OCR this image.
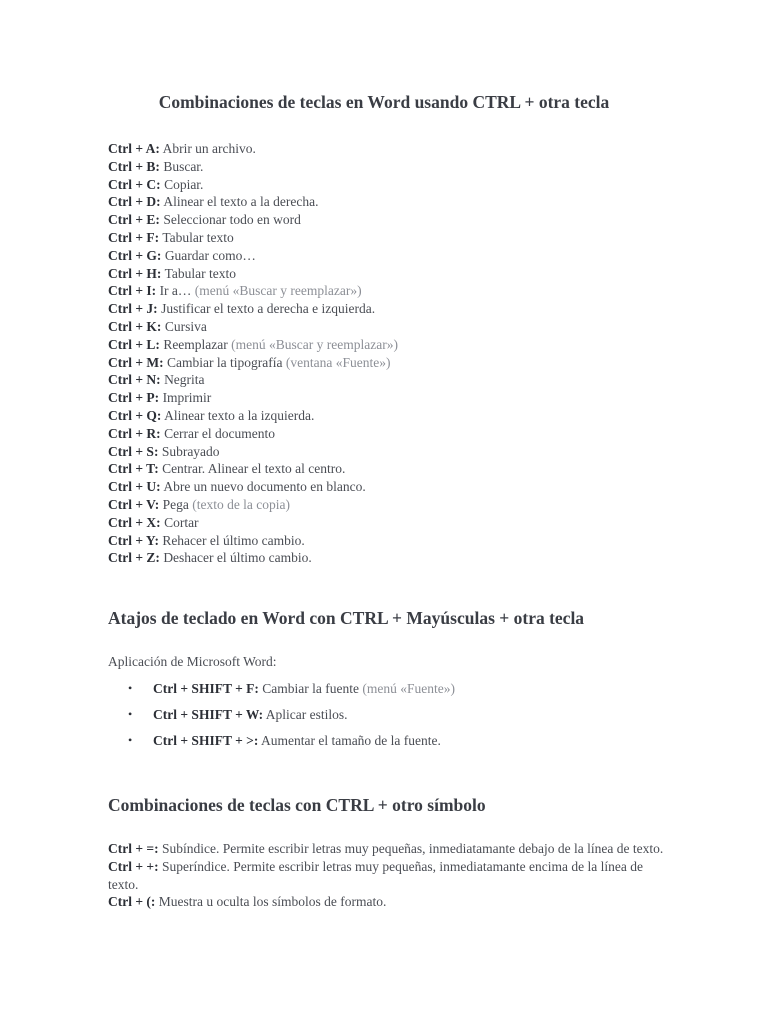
Combinaciones de teclas en Word usando CTRL + otra tecla
Ctrl + A: Abrir un archivo.
Ctrl + B: Buscar.
Ctrl + C: Copiar.
Ctrl + D: Alinear el texto a la derecha.
Ctrl + E: Seleccionar todo en word
Ctrl + F: Tabular texto
Ctrl + G: Guardar como…
Ctrl + H: Tabular texto
Ctrl + I: Ir a… (menú «Buscar y reemplazar»)
Ctrl + J: Justificar el texto a derecha e izquierda.
Ctrl + K: Cursiva
Ctrl + L: Reemplazar (menú «Buscar y reemplazar»)
Ctrl + M: Cambiar la tipografía (ventana «Fuente»)
Ctrl + N: Negrita
Ctrl + P: Imprimir
Ctrl + Q: Alinear texto a la izquierda.
Ctrl + R: Cerrar el documento
Ctrl + S: Subrayado
Ctrl + T: Centrar. Alinear el texto al centro.
Ctrl + U: Abre un nuevo documento en blanco.
Ctrl + V: Pega (texto de la copia)
Ctrl + X: Cortar
Ctrl + Y: Rehacer el último cambio.
Ctrl + Z: Deshacer el último cambio.
Atajos de teclado en Word con CTRL + Mayúsculas + otra tecla
Aplicación de Microsoft Word:
• Ctrl + SHIFT + F: Cambiar la fuente (menú «Fuente»)
• Ctrl + SHIFT + W: Aplicar estilos.
• Ctrl + SHIFT + >: Aumentar el tamaño de la fuente.
Combinaciones de teclas con CTRL + otro símbolo
Ctrl + =: Subíndice. Permite escribir letras muy pequeñas, inmediatamante debajo de la línea de texto.
Ctrl + +: Superíndice. Permite escribir letras muy pequeñas, inmediatamante encima de la línea de texto.
Ctrl + (: Muestra u oculta los símbolos de formato.
